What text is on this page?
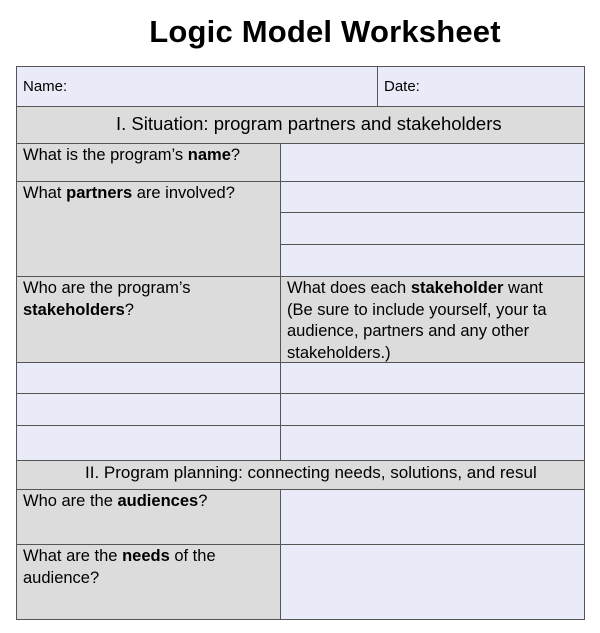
Logic Model Worksheet
Name:	Date:
I. Situation: program partners and stakeholders
What is the program’s name?
What partners are involved?
Who are the program’s
stakeholders?
What does each stakeholder want
(Be sure to include yourself, your ta
audience, partners and any other
stakeholders.)
II. Program planning: connecting needs, solutions, and resul
Who are the audiences?
What are the needs of the
audience?
